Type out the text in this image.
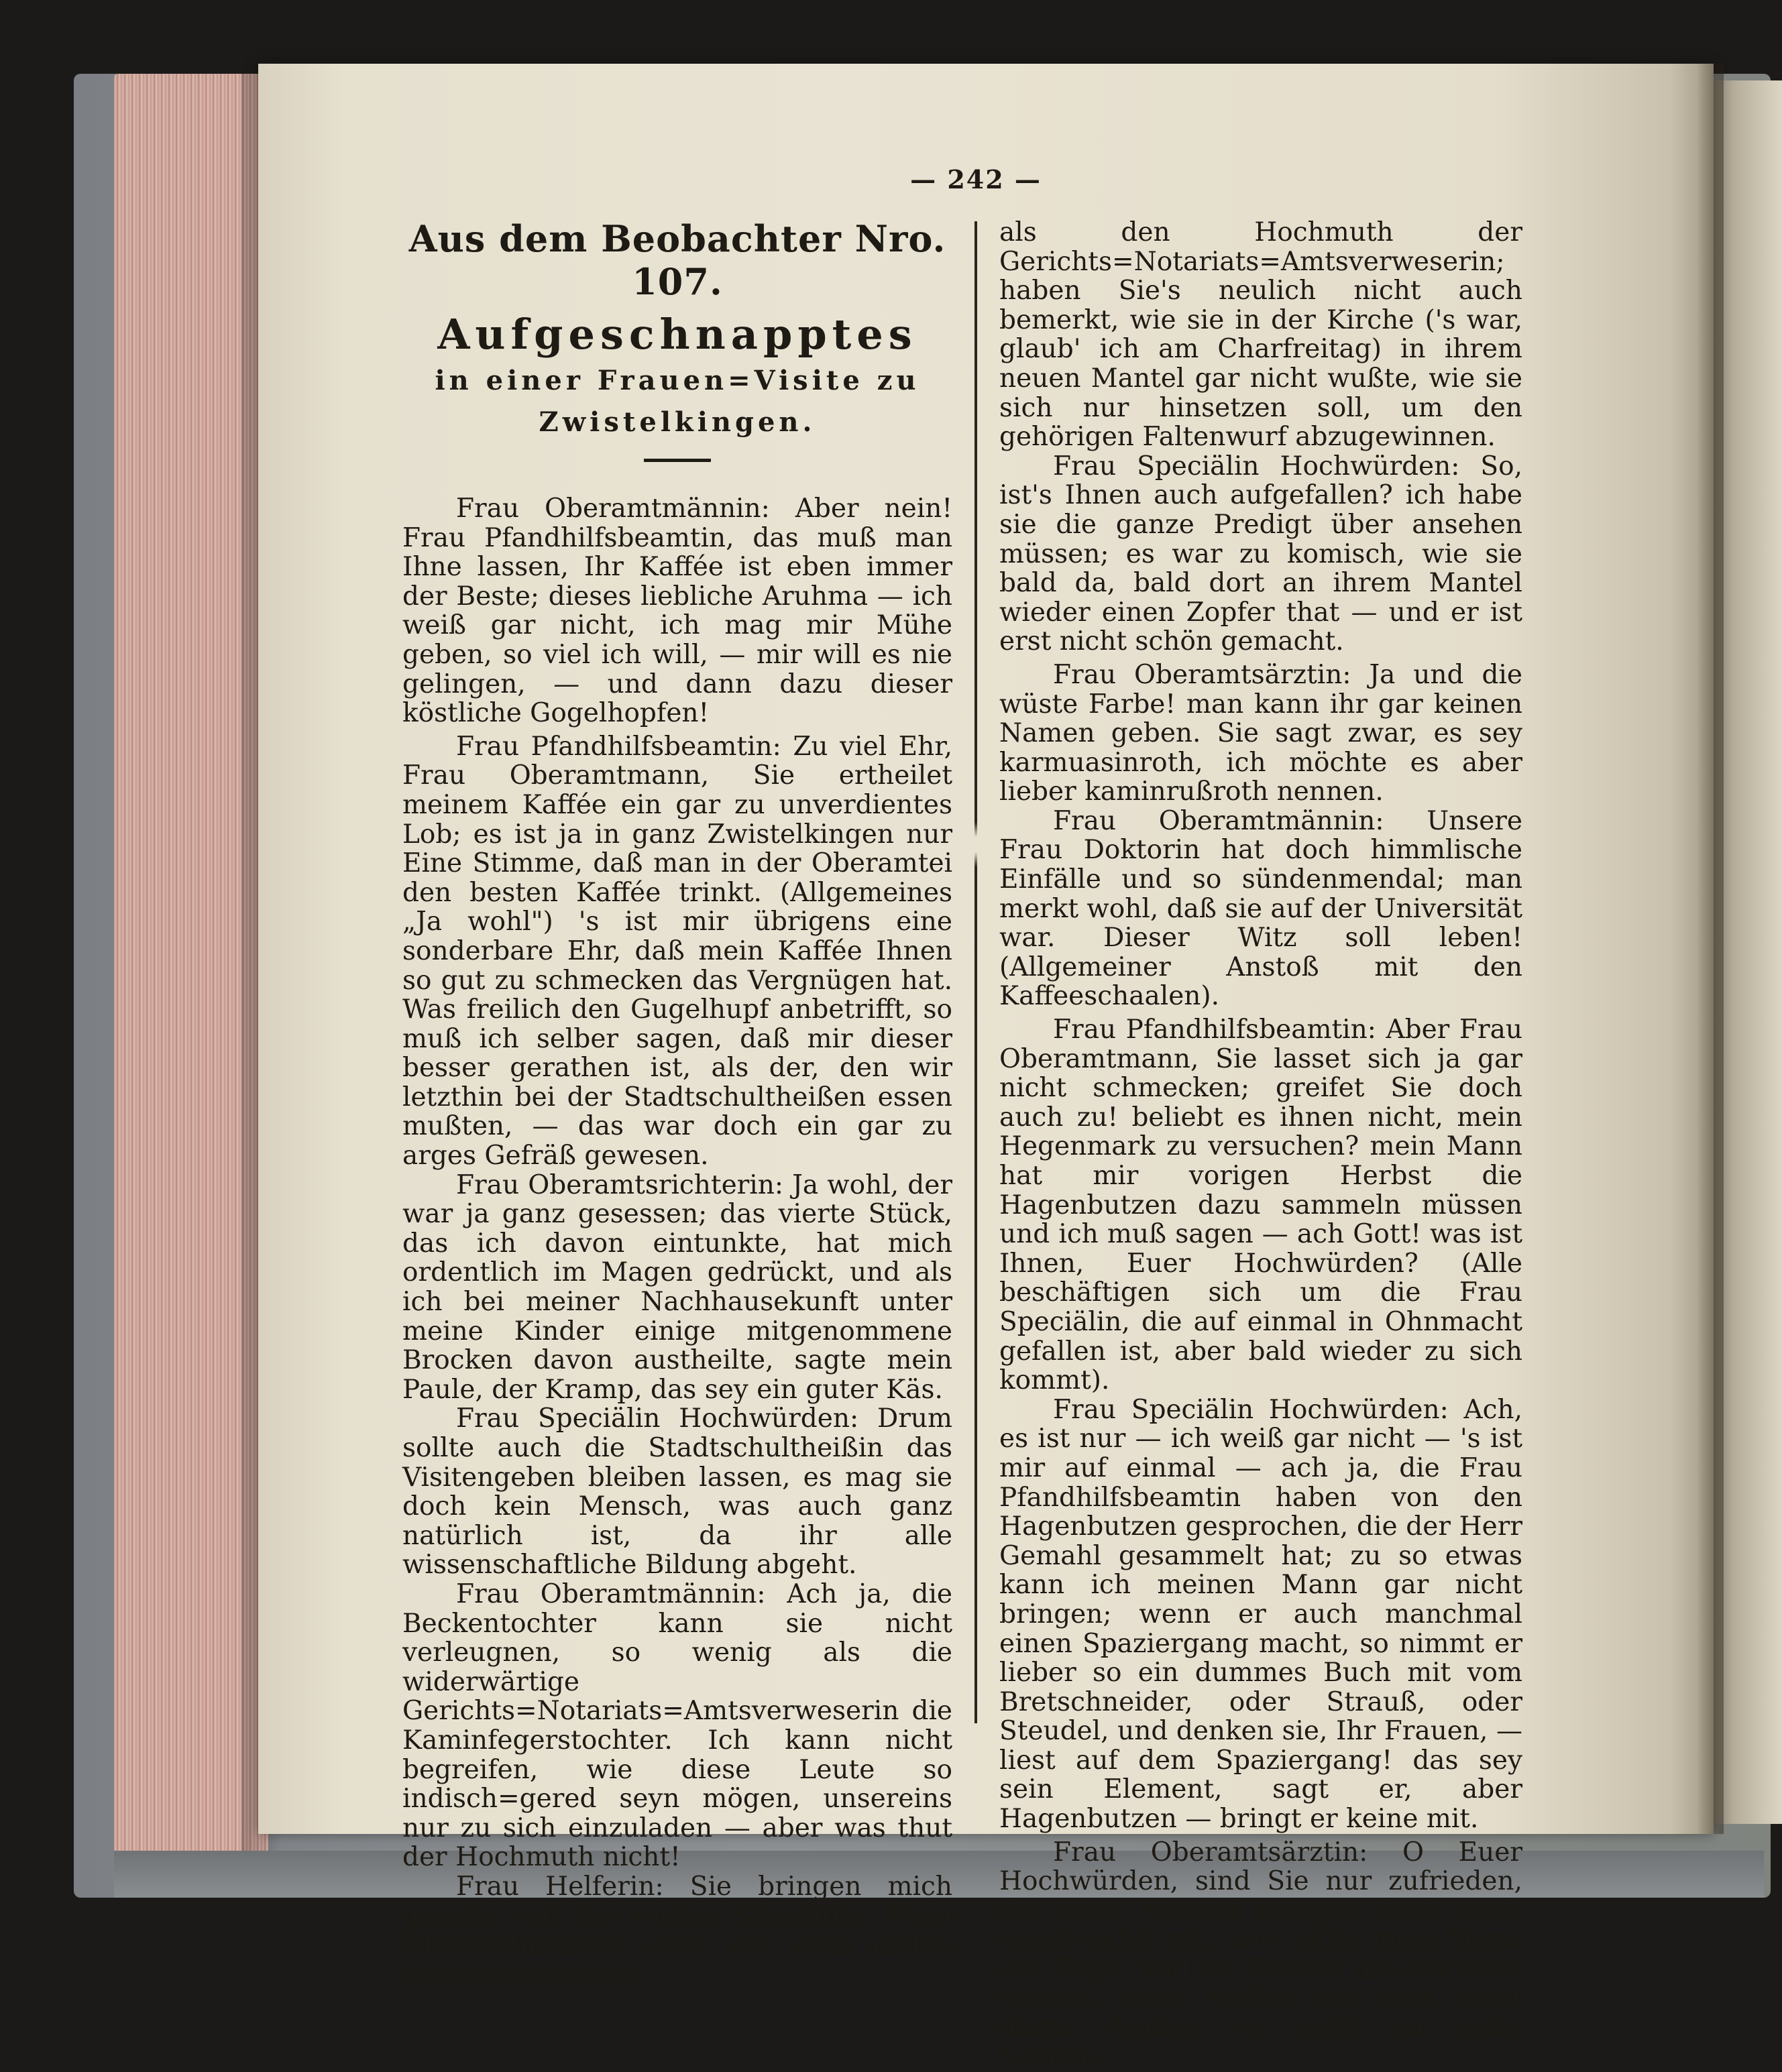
— 242 —
Aus dem Beobachter Nro. 107.
Aufgeschnapptes
in einer Frauen=Visite zu
Zwistelkingen.

Frau Oberamtmännin: Aber nein! Frau Pfandhilfsbeamtin, das muß man Ihne lassen, Ihr Kaffée ist eben immer der Beste; dieses liebliche Aruhma — ich weiß gar nicht, ich mag mir Mühe geben, so viel ich will, — mir will es nie gelingen, — und dann dazu dieser köstliche Gogelhopfen!

Frau Pfandhilfsbeamtin: Zu viel Ehr, Frau Oberamtmann, Sie ertheilet meinem Kaffée ein gar zu unverdientes Lob; es ist ja in ganz Zwistelkingen nur Eine Stimme, daß man in der Oberamtei den besten Kaffée trinkt. (Allgemeines „Ja wohl") 's ist mir übrigens eine sonderbare Ehr, daß mein Kaffée Ihnen so gut zu schmecken das Vergnügen hat. Was freilich den Gugelhupf anbetrifft, so muß ich selber sagen, daß mir dieser besser gerathen ist, als der, den wir letzthin bei der Stadtschultheißen essen mußten, — das war doch ein gar zu arges Gefräß gewesen.

Frau Oberamtsrichterin: Ja wohl, der war ja ganz gesessen; das vierte Stück, das ich davon eintunkte, hat mich ordentlich im Magen gedrückt, und als ich bei meiner Nachhausekunft unter meine Kinder einige mitgenommene Brocken davon austheilte, sagte mein Paule, der Kramp, das sey ein guter Käs.

Frau Speciälin Hochwürden: Drum sollte auch die Stadtschultheißin das Visitengeben bleiben lassen, es mag sie doch kein Mensch, was auch ganz natürlich ist, da ihr alle wissenschaftliche Bildung abgeht.

Frau Oberamtmännin: Ach ja, die Beckentochter kann sie nicht verleugnen, so wenig als die widerwärtige Gerichts=Notariats=Amtsverweserin die Kaminfegerstochter. Ich kann nicht begreifen, wie diese Leute so indisch=gered seyn mögen, unsereins nur zu sich einzuladen — aber was thut der Hochmuth nicht!

Frau Helferin: Sie bringen mich gerade, auf das rechte Schabitter, Frau Oberamtmännin; auch ich weiß nichts unausstehlicheres,

als den Hochmuth der Gerichts=Notariats=Amtsverweserin; haben Sie's neulich nicht auch bemerkt, wie sie in der Kirche ('s war, glaub' ich am Charfreitag) in ihrem neuen Mantel gar nicht wußte, wie sie sich nur hinsetzen soll, um den gehörigen Faltenwurf abzugewinnen.

Frau Speciälin Hochwürden: So, ist's Ihnen auch aufgefallen? ich habe sie die ganze Predigt über ansehen müssen; es war zu komisch, wie sie bald da, bald dort an ihrem Mantel wieder einen Zopfer that — und er ist erst nicht schön gemacht.

Frau Oberamtsärztin: Ja und die wüste Farbe! man kann ihr gar keinen Namen geben. Sie sagt zwar, es sey karmuasinroth, ich möchte es aber lieber kaminrußroth nennen.

Frau Oberamtmännin: Unsere Frau Doktorin hat doch himmlische Einfälle und so sündenmendal; man merkt wohl, daß sie auf der Universität war. Dieser Witz soll leben! (Allgemeiner Anstoß mit den Kaffeeschaalen).

Frau Pfandhilfsbeamtin: Aber Frau Oberamtmann, Sie lasset sich ja gar nicht schmecken; greifet Sie doch auch zu! beliebt es ihnen nicht, mein Hegenmark zu versuchen? mein Mann hat mir vorigen Herbst die Hagenbutzen dazu sammeln müssen und ich muß sagen — ach Gott! was ist Ihnen, Euer Hochwürden? (Alle beschäftigen sich um die Frau Speciälin, die auf einmal in Ohnmacht gefallen ist, aber bald wieder zu sich kommt).

Frau Speciälin Hochwürden: Ach, es ist nur — ich weiß gar nicht — 's ist mir auf einmal — ach ja, die Frau Pfandhilfsbeamtin haben von den Hagenbutzen gesprochen, die der Herr Gemahl gesammelt hat; zu so etwas kann ich meinen Mann gar nicht bringen; wenn er auch manchmal einen Spaziergang macht, so nimmt er lieber so ein dummes Buch mit vom Bretschneider, oder Strauß, oder Steudel, und denken sie, Ihr Frauen, — liest auf dem Spaziergang! das sey sein Element, sagt er, aber Hagenbutzen — bringt er keine mit.

Frau Oberamtsärztin: O Euer Hochwürden, sind Sie nur zufrieden, der Herr Special bringen doch auch sonst nichts mit, wie leider mein Mann alle Tage; und die Bücher die der Herr Special lesen, sollten Sie doch nicht dumm heißen, es giebt zu nette Sachen
